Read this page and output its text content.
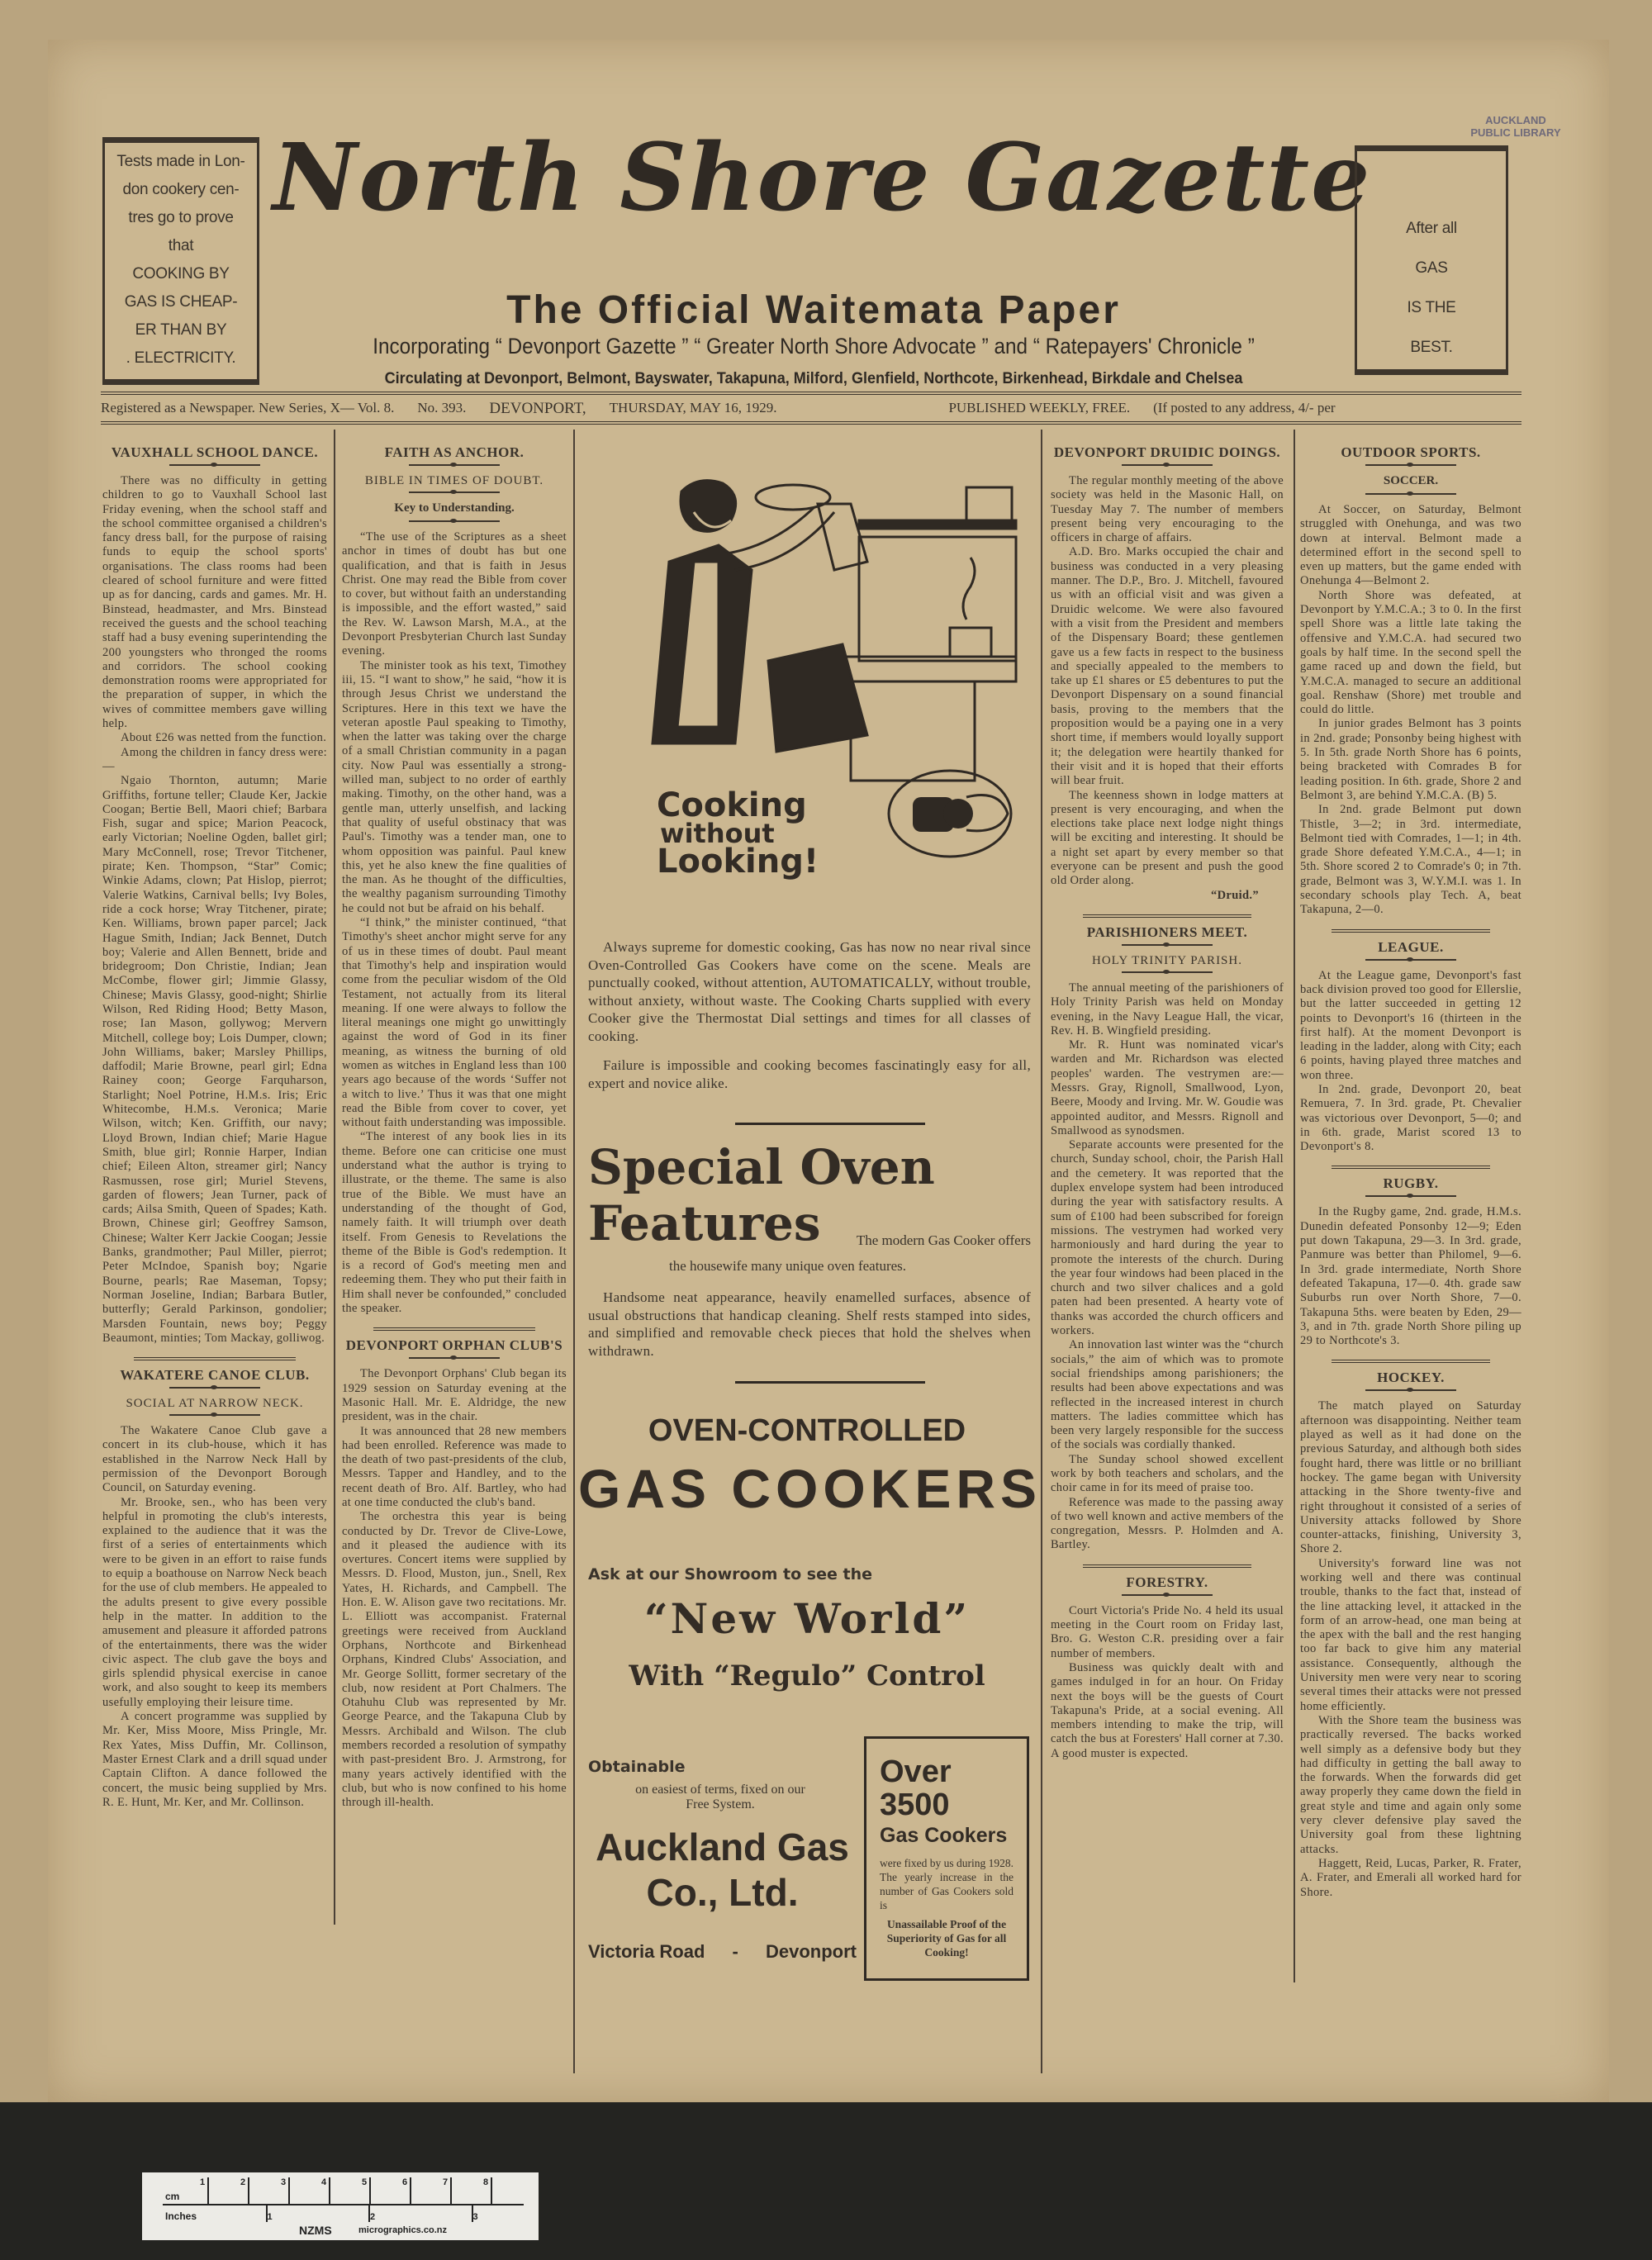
AUCKLAND
PUBLIC LIBRARY
Tests made in Lon-
don cookery cen-
tres go to prove
that
COOKING BY
GAS IS CHEAP-
ER THAN BY
. ELECTRICITY.
North Shore Gazette
The Official Waitemata Paper
Incorporating “ Devonport Gazette ” “ Greater North Shore Advocate ” and “ Ratepayers' Chronicle ”
Circulating at Devonport, Belmont, Bayswater, Takapuna, Milford, Glenfield, Northcote, Birkenhead, Birkdale and Chelsea
After all
GAS
IS THE
BEST.
Registered as a Newspaper. New Series, X— Vol. 8. No. 393. DEVONPORT, THURSDAY, MAY 16, 1929.	PUBLISHED WEEKLY, FREE. (If posted to any address, 4/- per
VAUXHALL SCHOOL DANCE.

There was no difficulty in getting children to go to Vauxhall School last Friday evening, when the school staff and the school committee organised a children's fancy dress ball, for the purpose of raising funds to equip the school sports' organisations. The class rooms had been cleared of school furniture and were fitted up as for dancing, cards and games. Mr. H. Binstead, headmaster, and Mrs. Binstead received the guests and the school teaching staff had a busy evening superintending the 200 youngsters who thronged the rooms and corridors. The school cooking demonstration rooms were appropriated for the preparation of supper, in which the wives of committee members gave willing help.

About £26 was netted from the function.

Among the children in fancy dress were:—

Ngaio Thornton, autumn; Marie Griffiths, fortune teller; Claude Ker, Jackie Coogan; Bertie Bell, Maori chief; Barbara Fish, sugar and spice; Marion Peacock, early Victorian; Noeline Ogden, ballet girl; Mary McConnell, rose; Trevor Titchener, pirate; Ken. Thompson, “Star” Comic; Winkie Adams, clown; Pat Hislop, pierrot; Valerie Watkins, Carnival bells; Ivy Boles, ride a cock horse; Wray Titchener, pirate; Ken. Williams, brown paper parcel; Jack Hague Smith, Indian; Jack Bennet, Dutch boy; Valerie and Allen Bennett, bride and bridegroom; Don Christie, Indian; Jean McCombe, flower girl; Jimmie Glassy, Chinese; Mavis Glassy, good-night; Shirlie Wilson, Red Riding Hood; Betty Mason, rose; Ian Mason, gollywog; Mervern Mitchell, college boy; Lois Dumper, clown; John Williams, baker; Marsley Phillips, daffodil; Marie Browne, pearl girl; Edna Rainey coon; George Farquharson, Starlight; Noel Potrine, H.M.s. Iris; Eric Whitecombe, H.M.s. Veronica; Marie Wilson, witch; Ken. Griffith, our navy; Lloyd Brown, Indian chief; Marie Hague Smith, blue girl; Ronnie Harper, Indian chief; Eileen Alton, streamer girl; Nancy Rasmussen, rose girl; Muriel Stevens, garden of flowers; Jean Turner, pack of cards; Ailsa Smith, Queen of Spades; Kath. Brown, Chinese girl; Geoffrey Samson, Chinese; Walter Kerr Jackie Coogan; Jessie Banks, grandmother; Paul Miller, pierrot; Peter McIndoe, Spanish boy; Ngarie Bourne, pearls; Rae Maseman, Topsy; Norman Joseline, Indian; Barbara Butler, butterfly; Gerald Parkinson, gondolier; Marsden Fountain, news boy; Peggy Beaumont, minties; Tom Mackay, golliwog.

WAKATERE CANOE CLUB.
SOCIAL AT NARROW NECK.

The Wakatere Canoe Club gave a concert in its club-house, which it has established in the Narrow Neck Hall by permission of the Devonport Borough Council, on Saturday evening.

Mr. Brooke, sen., who has been very helpful in promoting the club's interests, explained to the audience that it was the first of a series of entertainments which were to be given in an effort to raise funds to equip a boathouse on Narrow Neck beach for the use of club members. He appealed to the adults present to give every possible help in the matter. In addition to the amusement and pleasure it afforded patrons of the entertainments, there was the wider civic aspect. The club gave the boys and girls splendid physical exercise in canoe work, and also sought to keep its members usefully employing their leisure time.

A concert programme was supplied by Mr. Ker, Miss Moore, Miss Pringle, Mr. Rex Yates, Miss Duffin, Mr. Collinson, Master Ernest Clark and a drill squad under Captain Clifton. A dance followed the concert, the music being supplied by Mrs. R. E. Hunt, Mr. Ker, and Mr. Collinson.

FAITH AS ANCHOR.
BIBLE IN TIMES OF DOUBT.
Key to Understanding.

“The use of the Scriptures as a sheet anchor in times of doubt has but one qualification, and that is faith in Jesus Christ. One may read the Bible from cover to cover, but without faith an understanding is impossible, and the effort wasted,” said the Rev. W. Lawson Marsh, M.A., at the Devonport Presbyterian Church last Sunday evening.

The minister took as his text, Timothey iii, 15. “I want to show,” he said, “how it is through Jesus Christ we understand the Scriptures. Here in this text we have the veteran apostle Paul speaking to Timothy, when the latter was taking over the charge of a small Christian community in a pagan city. Now Paul was essentially a strong-willed man, subject to no order of earthly making. Timothy, on the other hand, was a gentle man, utterly unselfish, and lacking that quality of useful obstinacy that was Paul's. Timothy was a tender man, one to whom opposition was painful. Paul knew this, yet he also knew the fine qualities of the man. As he thought of the difficulties, the wealthy paganism surrounding Timothy he could not but be afraid on his behalf.

“I think,” the minister continued, “that Timothy's sheet anchor might serve for any of us in these times of doubt. Paul meant that Timothy's help and inspiration would come from the peculiar wisdom of the Old Testament, not actually from its literal meaning. If one were always to follow the literal meanings one might go unwittingly against the word of God in its finer meaning, as witness the burning of old women as witches in England less than 100 years ago because of the words ‘Suffer not a witch to live.’ Thus it was that one might read the Bible from cover to cover, yet without faith understanding was impossible.

“The interest of any book lies in its theme. Before one can criticise one must understand what the author is trying to illustrate, or the theme. The same is also true of the Bible. We must have an understanding of the thought of God, namely faith. It will triumph over death itself. From Genesis to Revelations the theme of the Bible is God's redemption. It is a record of God's meeting men and redeeming them. They who put their faith in Him shall never be confounded,” concluded the speaker.

DEVONPORT ORPHAN CLUB'S

The Devonport Orphans' Club began its 1929 session on Saturday evening at the Masonic Hall. Mr. E. Aldridge, the new president, was in the chair.

It was announced that 28 new members had been enrolled. Reference was made to the death of two past-presidents of the club, Messrs. Tapper and Handley, and to the recent death of Bro. Alf. Bartley, who had at one time conducted the club's band.

The orchestra this year is being conducted by Dr. Trevor de Clive-Lowe, and it pleased the audience with its overtures. Concert items were supplied by Messrs. D. Flood, Muston, jun., Snell, Rex Yates, H. Richards, and Campbell. The Hon. E. W. Alison gave two recitations. Mr. L. Elliott was accompanist. Fraternal greetings were received from Auckland Orphans, Northcote and Birkenhead Orphans, Kindred Clubs' Association, and Mr. George Sollitt, former secretary of the club, now resident at Port Chalmers. The Otahuhu Club was represented by Mr. George Pearce, and the Takapuna Club by Messrs. Archibald and Wilson. The club members recorded a resolution of sympathy with past-president Bro. J. Armstrong, for many years actively identified with the club, but who is now confined to his home through ill-health.

DEVONPORT DRUIDIC DOINGS.

The regular monthly meeting of the above society was held in the Masonic Hall, on Tuesday May 7. The number of members present being very encouraging to the officers in charge of affairs.

A.D. Bro. Marks occupied the chair and business was conducted in a very pleasing manner. The D.P., Bro. J. Mitchell, favoured us with an official visit and was given a Druidic welcome. We were also favoured with a visit from the President and members of the Dispensary Board; these gentlemen gave us a few facts in respect to the business and specially appealed to the members to take up £1 shares or £5 debentures to put the Devonport Dispensary on a sound financial basis, proving to the members that the proposition would be a paying one in a very short time, if members would loyally support it; the delegation were heartily thanked for their visit and it is hoped that their efforts will bear fruit.

The keenness shown in lodge matters at present is very encouraging, and when the elections take place next lodge night things will be exciting and interesting. It should be a night set apart by every member so that everyone can be present and push the good old Order along.

“Druid.”

PARISHIONERS MEET.
HOLY TRINITY PARISH.

The annual meeting of the parishioners of Holy Trinity Parish was held on Monday evening, in the Navy League Hall, the vicar, Rev. H. B. Wingfield presiding.

Mr. R. Hunt was nominated vicar's warden and Mr. Richardson was elected peoples' warden. The vestrymen are:—Messrs. Gray, Rignoll, Smallwood, Lyon, Beere, Moody and Irving. Mr. W. Goudie was appointed auditor, and Messrs. Rignoll and Smallwood as synodsmen.

Separate accounts were presented for the church, Sunday school, choir, the Parish Hall and the cemetery. It was reported that the duplex envelope system had been introduced during the year with satisfactory results. A sum of £100 had been subscribed for foreign missions. The vestrymen had worked very harmoniously and hard during the year to promote the interests of the church. During the year four windows had been placed in the church and two silver chalices and a gold paten had been presented. A hearty vote of thanks was accorded the church officers and workers.

An innovation last winter was the “church socials,” the aim of which was to promote social friendships among parishioners; the results had been above expectations and was reflected in the increased interest in church matters. The ladies committee which has been very largely responsible for the success of the socials was cordially thanked.

The Sunday school showed excellent work by both teachers and scholars, and the choir came in for its meed of praise too.

Reference was made to the passing away of two well known and active members of the congregation, Messrs. P. Holmden and A. Bartley.

FORESTRY.

Court Victoria's Pride No. 4 held its usual meeting in the Court room on Friday last, Bro. G. Weston C.R. presiding over a fair number of members.

Business was quickly dealt with and games indulged in for an hour. On Friday next the boys will be the guests of Court Takapuna's Pride, at a social evening. All members intending to make the trip, will catch the bus at Foresters' Hall corner at 7.30. A good muster is expected.

OUTDOOR SPORTS.
SOCCER.

At Soccer, on Saturday, Belmont struggled with Onehunga, and was two down at interval. Belmont made a determined effort in the second spell to even up matters, but the game ended with Onehunga 4—Belmont 2.

North Shore was defeated, at Devonport by Y.M.C.A.; 3 to 0. In the first spell Shore was a little late taking the offensive and Y.M.C.A. had secured two goals by half time. In the second spell the game raced up and down the field, but Y.M.C.A. managed to secure an additional goal. Renshaw (Shore) met trouble and could do little.

In junior grades Belmont has 3 points in 2nd. grade; Ponsonby being highest with 5. In 5th. grade North Shore has 6 points, being bracketed with Comrades B for leading position. In 6th. grade, Shore 2 and Belmont 3, are behind Y.M.C.A. (B) 5.

In 2nd. grade Belmont put down Thistle, 3—2; in 3rd. intermediate, Belmont tied with Comrades, 1—1; in 4th. grade Shore defeated Y.M.C.A., 4—1; in 5th. Shore scored 2 to Comrade's 0; in 7th. grade, Belmont was 3, W.Y.M.I. was 1. In secondary schools play Tech. A, beat Takapuna, 2—0.

LEAGUE.

At the League game, Devonport's fast back division proved too good for Ellerslie, but the latter succeeded in getting 12 points to Devonport's 16 (thirteen in the first half). At the moment Devonport is leading in the ladder, along with City; each 6 points, having played three matches and won three.

In 2nd. grade, Devonport 20, beat Remuera, 7. In 3rd. grade, Pt. Chevalier was victorious over Devonport, 5—0; and in 6th. grade, Marist scored 13 to Devonport's 8.

RUGBY.

In the Rugby game, 2nd. grade, H.M.s. Dunedin defeated Ponsonby 12—9; Eden put down Takapuna, 29—3. In 3rd. grade, Panmure was better than Philomel, 9—6. In 3rd. grade intermediate, North Shore defeated Takapuna, 17—0. 4th. grade saw Suburbs run over North Shore, 7—0. Takapuna 5ths. were beaten by Eden, 29—3, and in 7th. grade North Shore piling up 29 to Northcote's 3.

HOCKEY.

The match played on Saturday afternoon was disappointing. Neither team played as well as it had done on the previous Saturday, and although both sides fought hard, there was little or no brilliant hockey. The game began with University attacking in the Shore twenty-five and right throughout it consisted of a series of University attacks followed by Shore counter-attacks, finishing, University 3, Shore 2.

University's forward line was not working well and there was continual trouble, thanks to the fact that, instead of the line attacking level, it attacked in the form of an arrow-head, one man being at the apex with the ball and the rest hanging too far back to give him any material assistance. Consequently, although the University men were very near to scoring several times their attacks were not pressed home efficiently.

With the Shore team the business was practically reversed. The backs worked well simply as a defensive body but they had difficulty in getting the ball away to the forwards. When the forwards did get away properly they came down the field in great style and time and again only some very clever defensive play saved the University goal from these lightning attacks.

Haggett, Reid, Lucas, Parker, R. Frater, A. Frater, and Emerali all worked hard for Shore.

Cooking
without
Looking!

Always supreme for domestic cooking, Gas has now no near rival since Oven-Controlled Gas Cookers have come on the scene. Meals are punctually cooked, without attention, AUTOMATICALLY, without trouble, without anxiety, without waste. The Cooking Charts supplied with every Cooker give the Thermostat Dial settings and times for all classes of cooking.

Failure is impossible and cooking becomes fascinatingly easy for all, expert and novice alike.

Special Oven
Features	The modern Gas Cooker offers
the housewife many unique oven features.

Handsome neat appearance, heavily enamelled surfaces, absence of usual obstructions that handicap cleaning. Shelf rests stamped into sides, and simplified and removable check pieces that hold the shelves when withdrawn.

OVEN-CONTROLLED
GAS COOKERS
Ask at our Showroom to see the
“New World”
With “Regulo” Control
Obtainable
on easiest of terms, fixed on our
Free System.
Auckland Gas
Co., Ltd.
Victoria Road - Devonport
Over
3500
Gas Cookers
were fixed by us during 1928. The yearly increase in the number of Gas Cookers sold is
Unassailable Proof of the Superiority of Gas for all Cooking!
cm
Inches
1	2	3	4	5	6	7	8
1	2	3
NZMS	micrographics.co.nz
